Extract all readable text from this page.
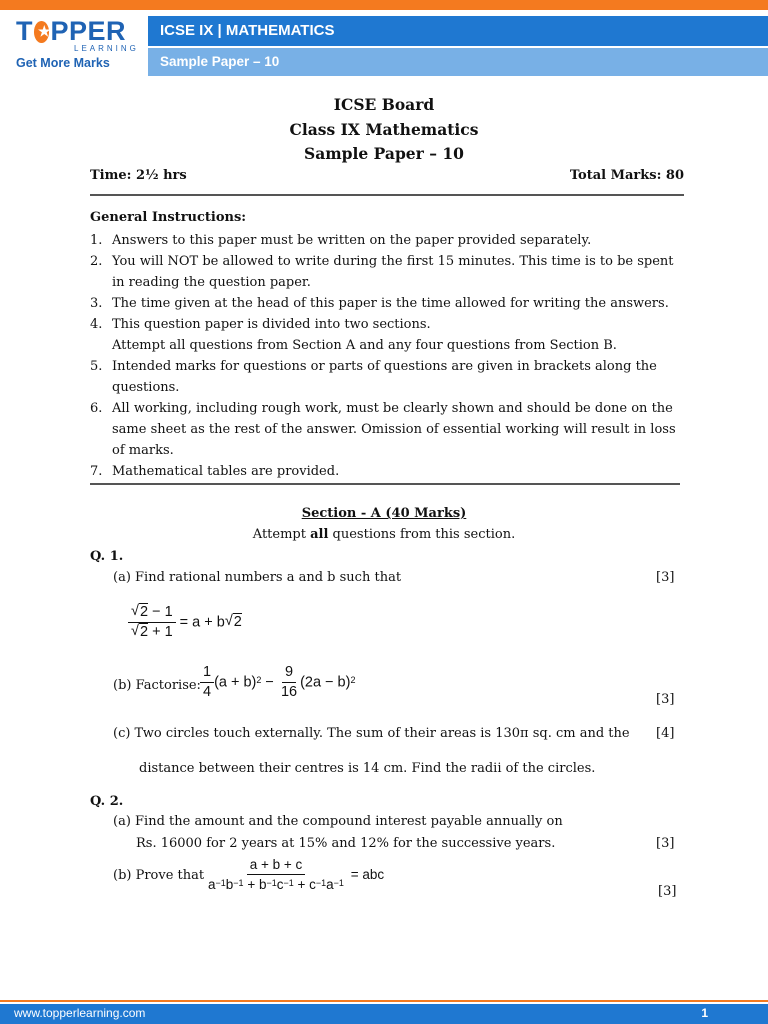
T
★ PPER
LEARNING
Get More Marks
ICSE IX | MATHEMATICS
Sample Paper – 10
ICSE Board
Class IX Mathematics
Sample Paper – 10
Time: 2½ hrs	Total Marks: 80
General Instructions:
1. Answers to this paper must be written on the paper provided separately.
2. You will NOT be allowed to write during the first 15 minutes. This time is to be spent in reading the question paper.
3. The time given at the head of this paper is the time allowed for writing the answers.
4. This question paper is divided into two sections.
Attempt all questions from Section A and any four questions from Section B.
5. Intended marks for questions or parts of questions are given in brackets along the questions.
6. All working, including rough work, must be clearly shown and should be done on the same sheet as the rest of the answer. Omission of essential working will result in loss of marks.
7. Mathematical tables are provided.
Section - A (40 Marks)
Attempt all questions from this section.
Q. 1.
(a) Find rational numbers a and b such that	[3]
$\frac{√2 - 1}{√2 + 1} = a + b√2$
(b) Factorise: $\frac{1}{4} (a + b)^2 - \frac{9}{16} (2a - b)^2$
[3]
(c) Two circles touch externally. The sum of their areas is 130π sq. cm and the [4]
distance between their centres is 14 cm. Find the radii of the circles.
Q. 2.
(a) Find the amount and the compound interest payable annually on
Rs. 16000 for 2 years at 15% and 12% for the successive years.	[3]
(b) Prove that $\frac{a + b + c}{a^{-1}b^{-1} + b^{-1}c^{-1} + c^{-1}a^{-1}}$ = abc
[3]
www.topperlearning.com	1
